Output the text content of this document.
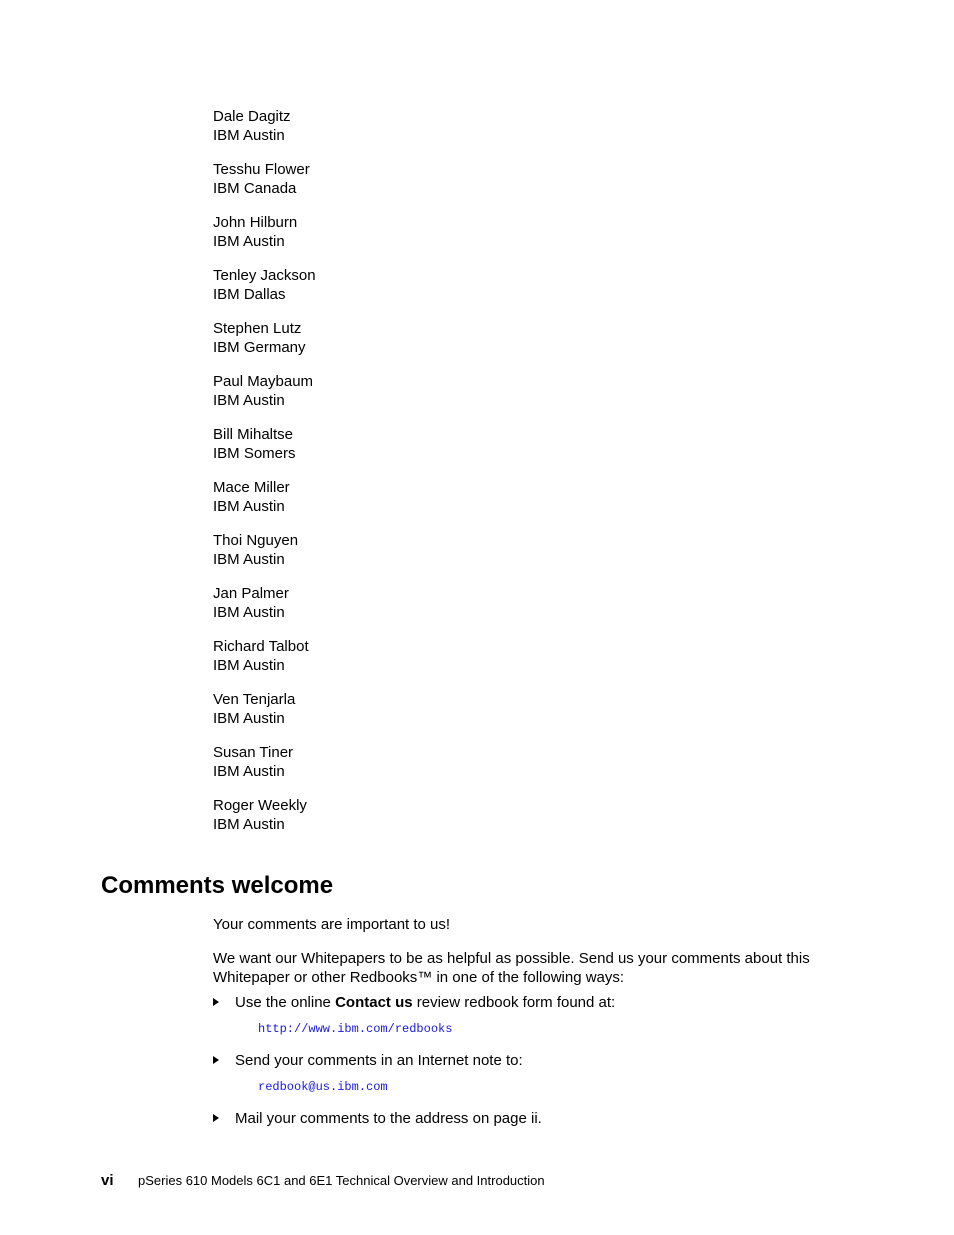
Dale Dagitz
IBM Austin
Tesshu Flower
IBM Canada
John Hilburn
IBM Austin
Tenley Jackson
IBM Dallas
Stephen Lutz
IBM Germany
Paul Maybaum
IBM Austin
Bill Mihaltse
IBM Somers
Mace Miller
IBM Austin
Thoi Nguyen
IBM Austin
Jan Palmer
IBM Austin
Richard Talbot
IBM Austin
Ven Tenjarla
IBM Austin
Susan Tiner
IBM Austin
Roger Weekly
IBM Austin
Comments welcome

Your comments are important to us!

We want our Whitepapers to be as helpful as possible. Send us your comments about this Whitepaper or other Redbooks™ in one of the following ways:

Use the online Contact us review redbook form found at:
http://www.ibm.com/redbooks
Send your comments in an Internet note to:
redbook@us.ibm.com
Mail your comments to the address on page ii.
vi pSeries 610 Models 6C1 and 6E1 Technical Overview and Introduction
